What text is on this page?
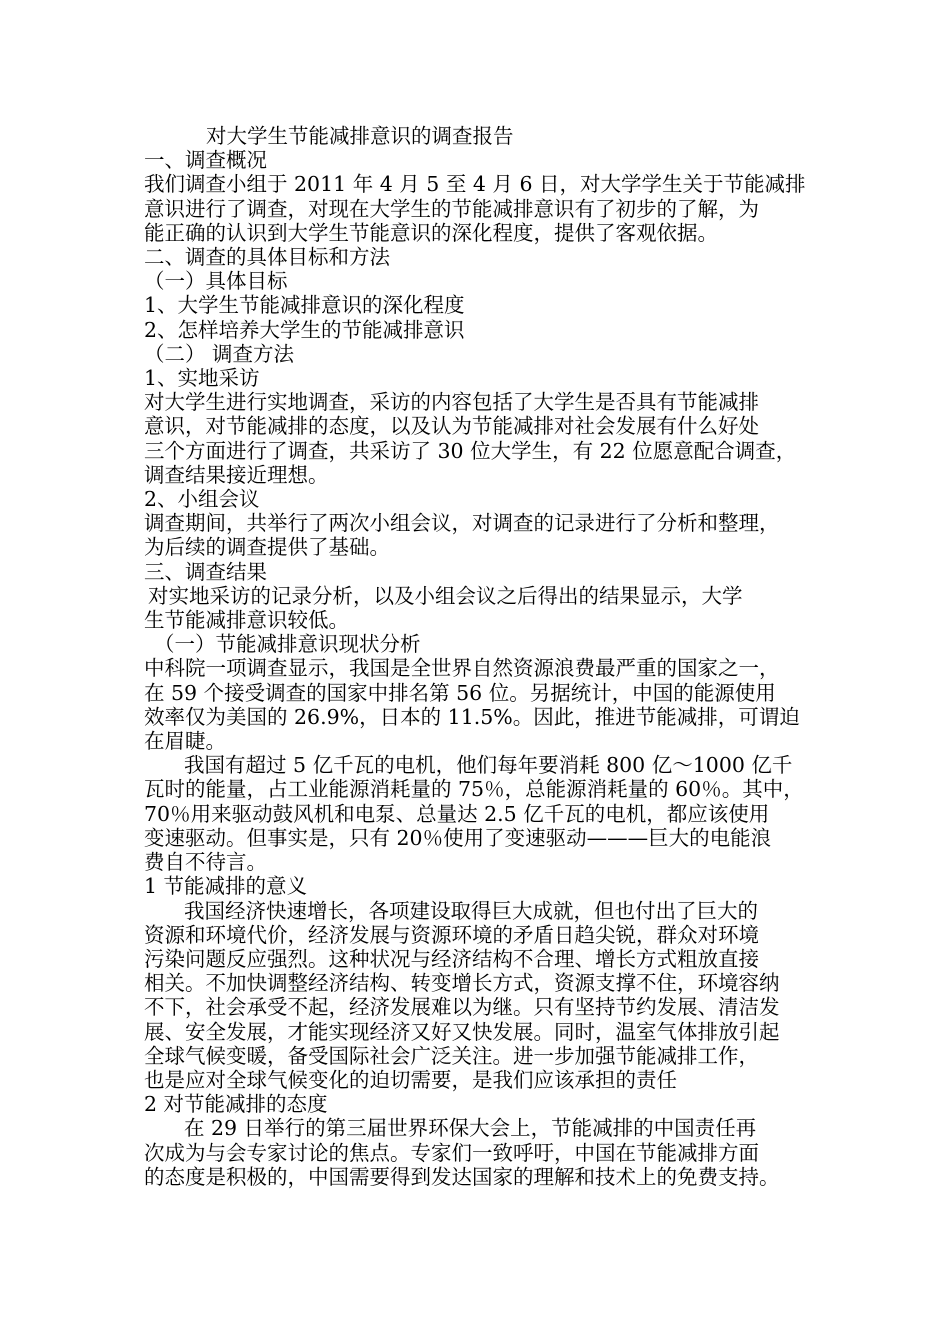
对大学生节能减排意识的调查报告

一、调查概况

我们调查小组于 2011 年 4 月 5 至 4 月 6 日，对大学学生关于节能减排

意识进行了调查，对现在大学生的节能减排意识有了初步的了解，为

能正确的认识到大学生节能意识的深化程度，提供了客观依据。

二、调查的具体目标和方法

（一）具体目标

1、大学生节能减排意识的深化程度

2、怎样培养大学生的节能减排意识

（二） 调查方法

1、实地采访

对大学生进行实地调查，采访的内容包括了大学生是否具有节能减排

意识，对节能减排的态度，以及认为节能减排对社会发展有什么好处

三个方面进行了调查，共采访了 30 位大学生，有 22 位愿意配合调查，

调查结果接近理想。

2、小组会议

调查期间，共举行了两次小组会议，对调查的记录进行了分析和整理，

为后续的调查提供了基础。

三、调查结果

对实地采访的记录分析，以及小组会议之后得出的结果显示，大学

生节能减排意识较低。

（一）节能减排意识现状分析

中科院一项调查显示，我国是全世界自然资源浪费最严重的国家之一，

在 59 个接受调查的国家中排名第 56 位。另据统计，中国的能源使用

效率仅为美国的 26.9%，日本的 11.5%。因此，推进节能减排，可谓迫

在眉睫。

我国有超过 5 亿千瓦的电机，他们每年要消耗 800 亿～1000 亿千

瓦时的能量，占工业能源消耗量的 75％，总能源消耗量的 60％。其中，

70％用来驱动鼓风机和电泵、总量达 2.5 亿千瓦的电机，都应该使用

变速驱动。但事实是，只有 20％使用了变速驱动———巨大的电能浪

费自不待言。

1 节能减排的意义

我国经济快速增长，各项建设取得巨大成就，但也付出了巨大的

资源和环境代价，经济发展与资源环境的矛盾日趋尖锐，群众对环境

污染问题反应强烈。这种状况与经济结构不合理、增长方式粗放直接

相关。不加快调整经济结构、转变增长方式，资源支撑不住，环境容纳

不下，社会承受不起，经济发展难以为继。只有坚持节约发展、清洁发

展、安全发展，才能实现经济又好又快发展。同时，温室气体排放引起

全球气候变暖，备受国际社会广泛关注。进一步加强节能减排工作，

也是应对全球气候变化的迫切需要，是我们应该承担的责任

2 对节能减排的态度

在 29 日举行的第三届世界环保大会上，节能减排的中国责任再

次成为与会专家讨论的焦点。专家们一致呼吁，中国在节能减排方面

的态度是积极的，中国需要得到发达国家的理解和技术上的免费支持。
